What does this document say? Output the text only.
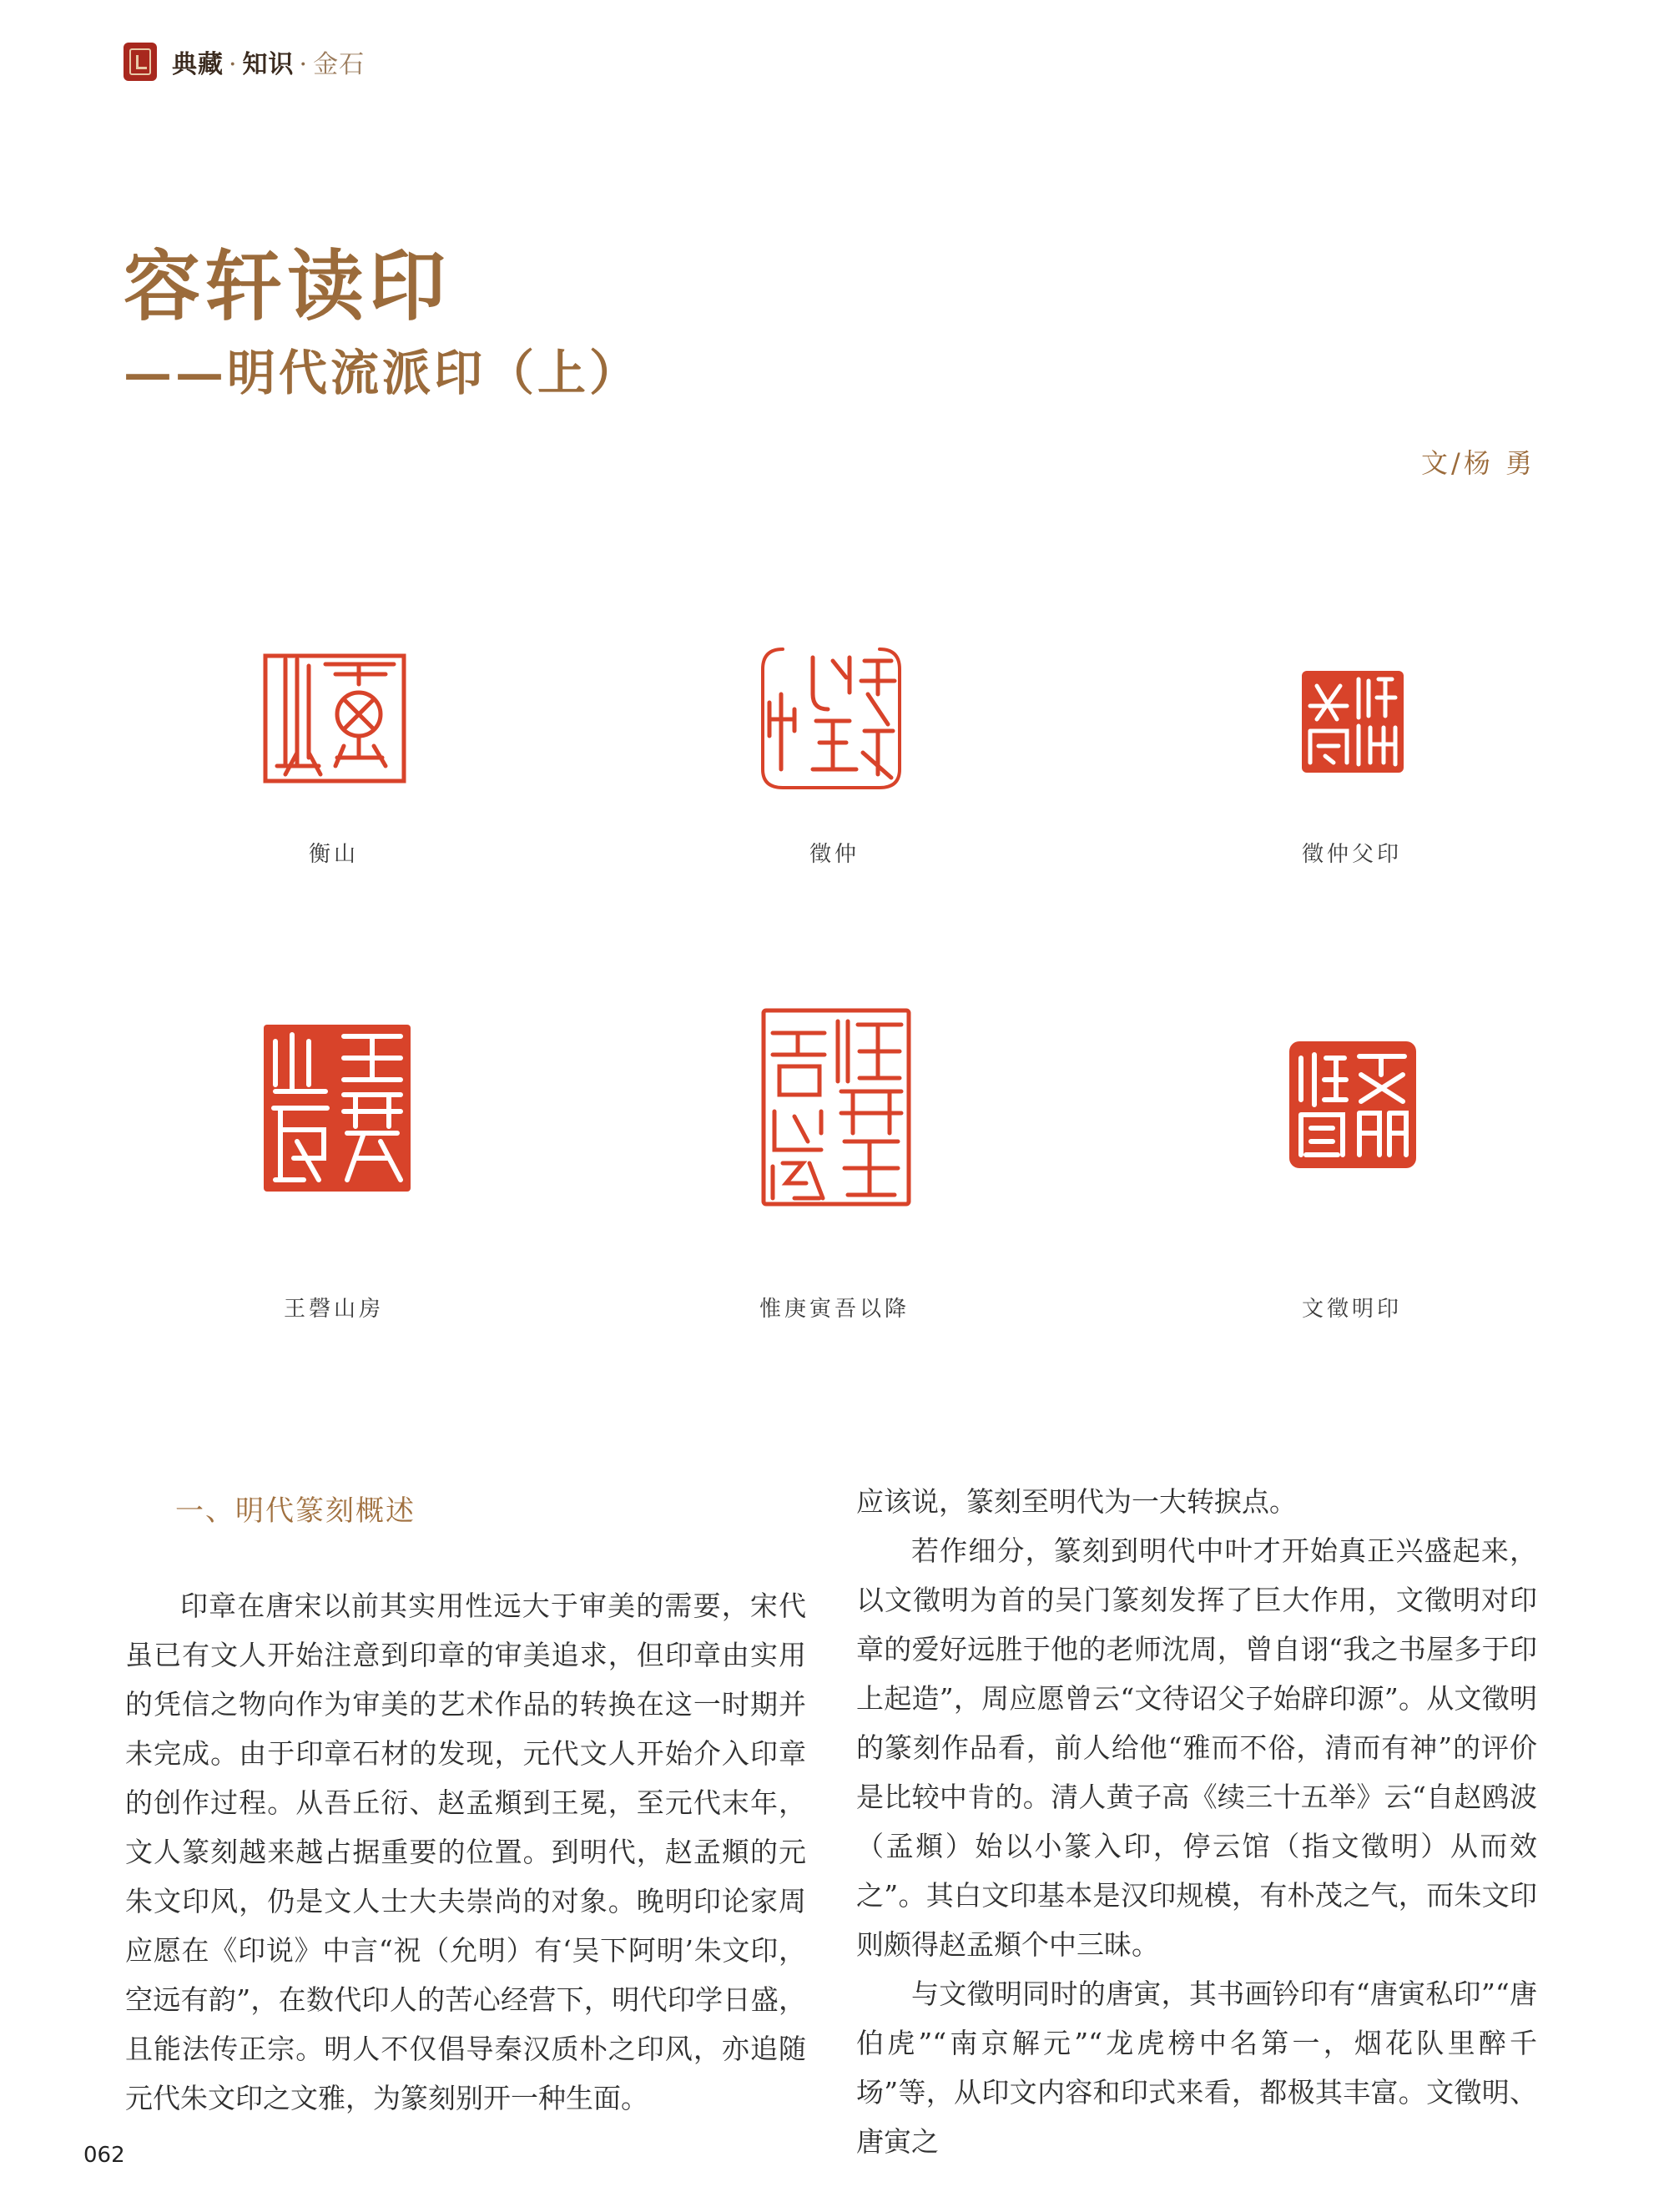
典藏 · 知识 · 金石
容轩读印
——明代流派印（上）
文/杨 勇
衡山	徵仲	徵仲父印
王磬山房	惟庚寅吾以降	文徵明印
一、明代篆刻概述

印章在唐宋以前其实用性远大于审美的需要，宋代虽已有文人开始注意到印章的审美追求，但印章由实用的凭信之物向作为审美的艺术作品的转换在这一时期并未完成。由于印章石材的发现，元代文人开始介入印章的创作过程。从吾丘衍、赵孟頫到王冕，至元代末年，文人篆刻越来越占据重要的位置。到明代，赵孟頫的元朱文印风，仍是文人士大夫崇尚的对象。晚明印论家周应愿在《印说》中言“祝（允明）有‘吴下阿明’朱文印，空远有韵”，在数代印人的苦心经营下，明代印学日盛，且能法传正宗。明人不仅倡导秦汉质朴之印风，亦追随元代朱文印之文雅，为篆刻别开一种生面。

应该说，篆刻至明代为一大转捩点。

若作细分，篆刻到明代中叶才开始真正兴盛起来，以文徵明为首的吴门篆刻发挥了巨大作用，文徵明对印章的爱好远胜于他的老师沈周，曾自诩“我之书屋多于印上起造”，周应愿曾云“文待诏父子始辟印源”。从文徵明的篆刻作品看，前人给他“雅而不俗，清而有神”的评价是比较中肯的。清人黄子高《续三十五举》云“自赵鸥波（孟頫）始以小篆入印，停云馆（指文徵明）从而效之”。其白文印基本是汉印规模，有朴茂之气，而朱文印则颇得赵孟頫个中三昧。

与文徵明同时的唐寅，其书画钤印有“唐寅私印”“唐伯虎”“南京解元”“龙虎榜中名第一，烟花队里醉千场”等，从印文内容和印式来看，都极其丰富。文徵明、唐寅之

062
